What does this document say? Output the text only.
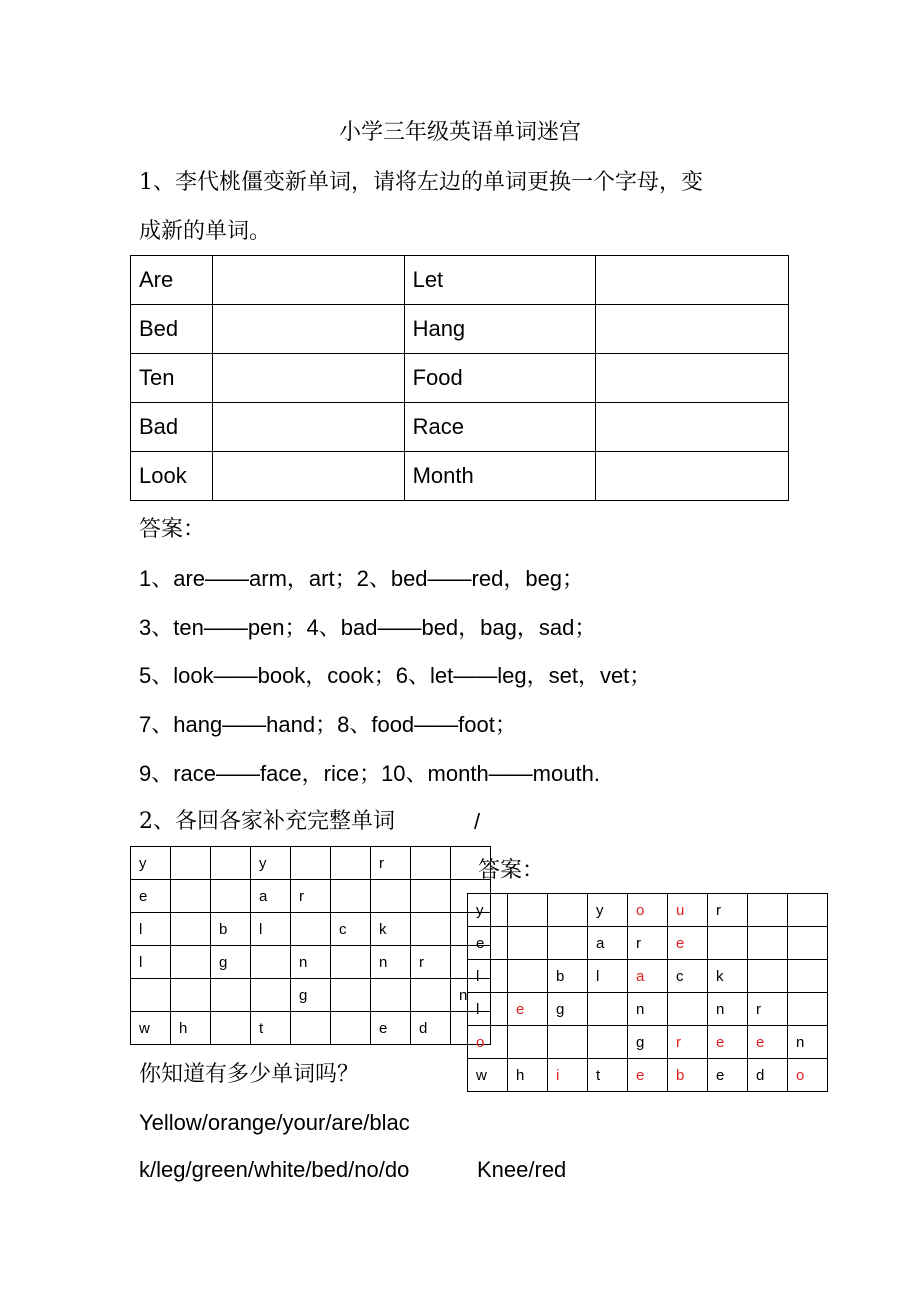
小学三年级英语单词迷宫
1、李代桃僵变新单词，请将左边的单词更换一个字母，变
成新的单词。
Are		Let	
Bed		Hang	
Ten		Food	
Bad		Race	
Look		Month	
答案：
1、are——arm，art；2、bed——red，beg；
3、ten——pen；4、bad——bed，bag，sad；
5、look——book，cook；6、let——leg，set，vet；
7、hang——hand；8、food——foot；
9、race——face，rice；10、month——mouth.
2、各回各家补充完整单词	/
答案：
y			y			r		
e			a	r				
l		b	l		c	k		
l		g		n		n	r	
				g				n
w	h		t			e	d	
y			y	o	u	r		
e			a	r	e			
l		b	l	a	c	k		
l	e	g		n		n	r	
o				g	r	e	e	n
w	h	i	t	e	b	e	d	o
你知道有多少单词吗？
Yellow/orange/your/are/blac
k/leg/green/white/bed/no/do	Knee/red
